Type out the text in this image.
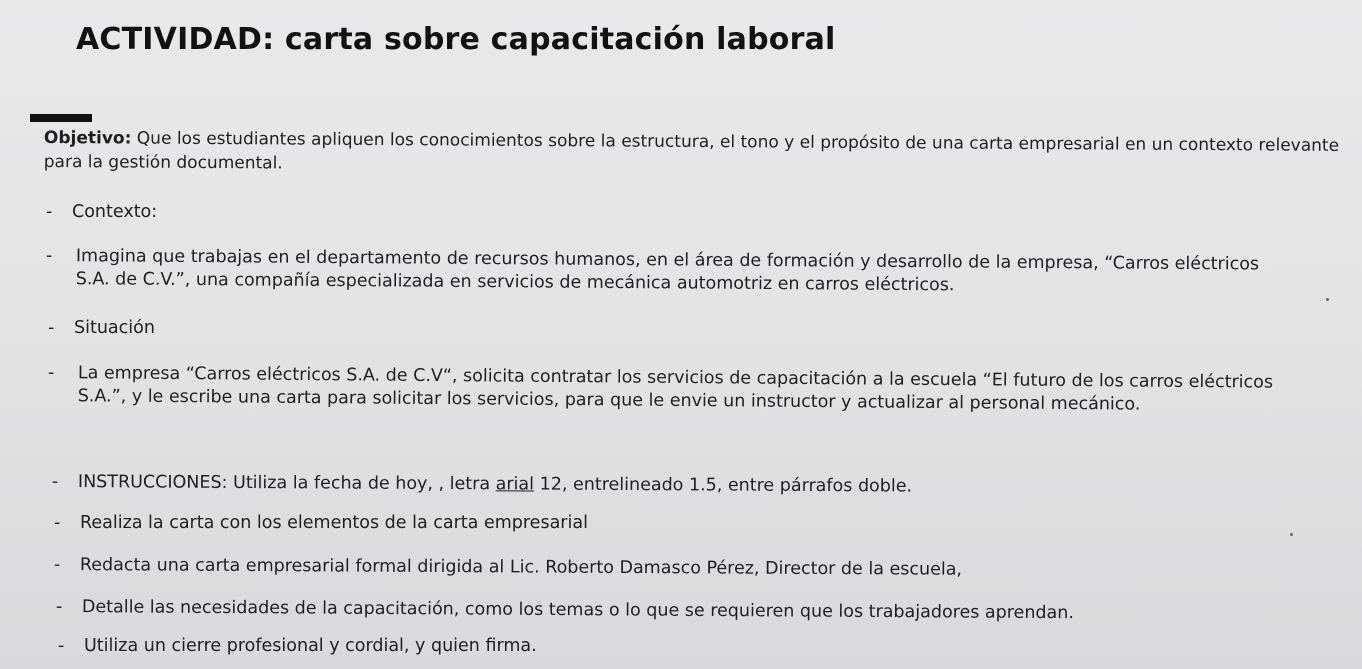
ACTIVIDAD: carta sobre capacitación laboral
Objetivo: Que los estudiantes apliquen los conocimientos sobre la estructura, el tono y el propósito de una carta empresarial en un contexto relevante para la gestión documental.
- Contexto:
- Imagina que trabajas en el departamento de recursos humanos, en el área de formación y desarrollo de la empresa, “Carros eléctricos S.A. de C.V.”, una compañía especializada en servicios de mecánica automotriz en carros eléctricos.
- Situación
- La empresa “Carros eléctricos S.A. de C.V“, solicita contratar los servicios de capacitación a la escuela “El futuro de los carros eléctricos S.A.”, y le escribe una carta para solicitar los servicios, para que le envie un instructor y actualizar al personal mecánico.
- INSTRUCCIONES: Utiliza la fecha de hoy, , letra arial 12, entrelineado 1.5, entre párrafos doble.
- Realiza la carta con los elementos de la carta empresarial
- Redacta una carta empresarial formal dirigida al Lic. Roberto Damasco Pérez, Director de la escuela,
- Detalle las necesidades de la capacitación, como los temas o lo que se requieren que los trabajadores aprendan.
- Utiliza un cierre profesional y cordial, y quien firma.
